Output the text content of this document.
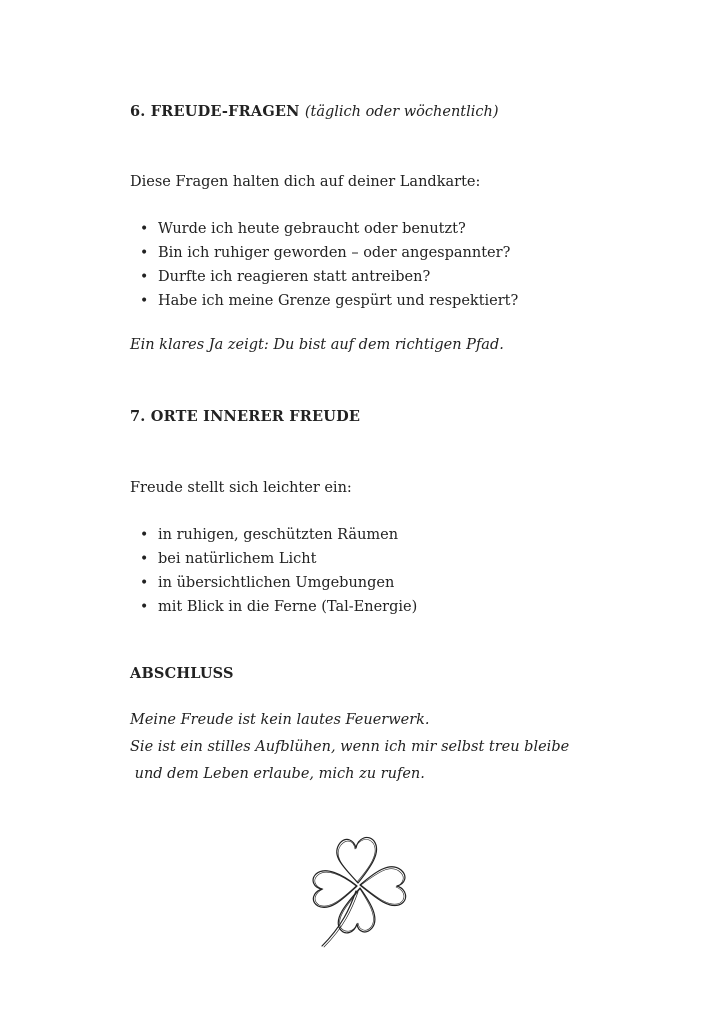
6. FREUDE-FRAGEN (täglich oder wöchentlich)
Diese Fragen halten dich auf deiner Landkarte:
• Wurde ich heute gebraucht oder benutzt?
• Bin ich ruhiger geworden – oder angespannter?
• Durfte ich reagieren statt antreiben?
• Habe ich meine Grenze gespürt und respektiert?
Ein klares Ja zeigt: Du bist auf dem richtigen Pfad.
7. ORTE INNERER FREUDE
Freude stellt sich leichter ein:
• in ruhigen, geschützten Räumen
• bei natürlichem Licht
• in übersichtlichen Umgebungen
• mit Blick in die Ferne (Tal-Energie)
ABSCHLUSS
Meine Freude ist kein lautes Feuerwerk.
Sie ist ein stilles Aufblühen, wenn ich mir selbst treu bleibe
und dem Leben erlaube, mich zu rufen.
